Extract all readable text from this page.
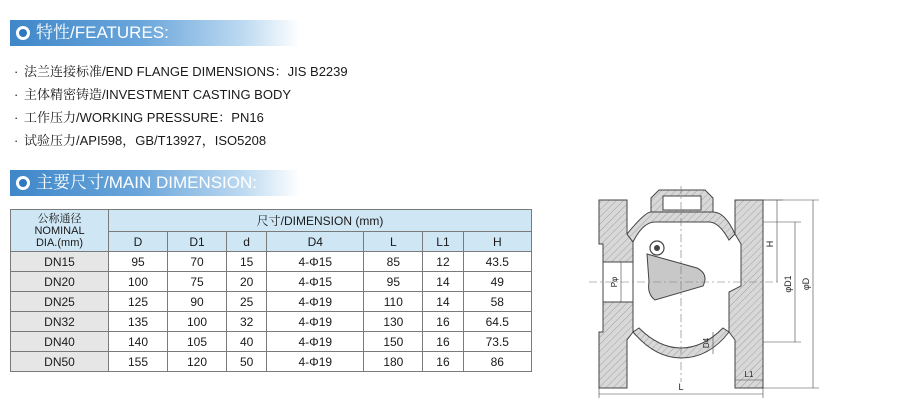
特性/FEATURES:
· 法兰连接标准/END FLANGE DIMENSIONS：JIS B2239
· 主体精密铸造/INVESTMENT CASTING BODY
· 工作压力/WORKING PRESSURE：PN16
· 试验压力/API598，GB/T13927，ISO5208
主要尺寸/MAIN DIMENSION:
公称通径
NOMINAL
DIA.(mm)	尺寸/DIMENSION (mm)						
	D	D1	d	D4	L	L1	H
DN15	95	70	15	4-Φ15	85	12	43.5
DN20	100	75	20	4-Φ15	95	14	49
DN25	125	90	25	4-Φ19	110	14	58
DN32	135	100	32	4-Φ19	130	16	64.5
DN40	140	105	40	4-Φ19	150	16	73.5
DN50	155	120	50	4-Φ19	180	16	86
H
φD1 φD
Pφ
D4
L
L1
